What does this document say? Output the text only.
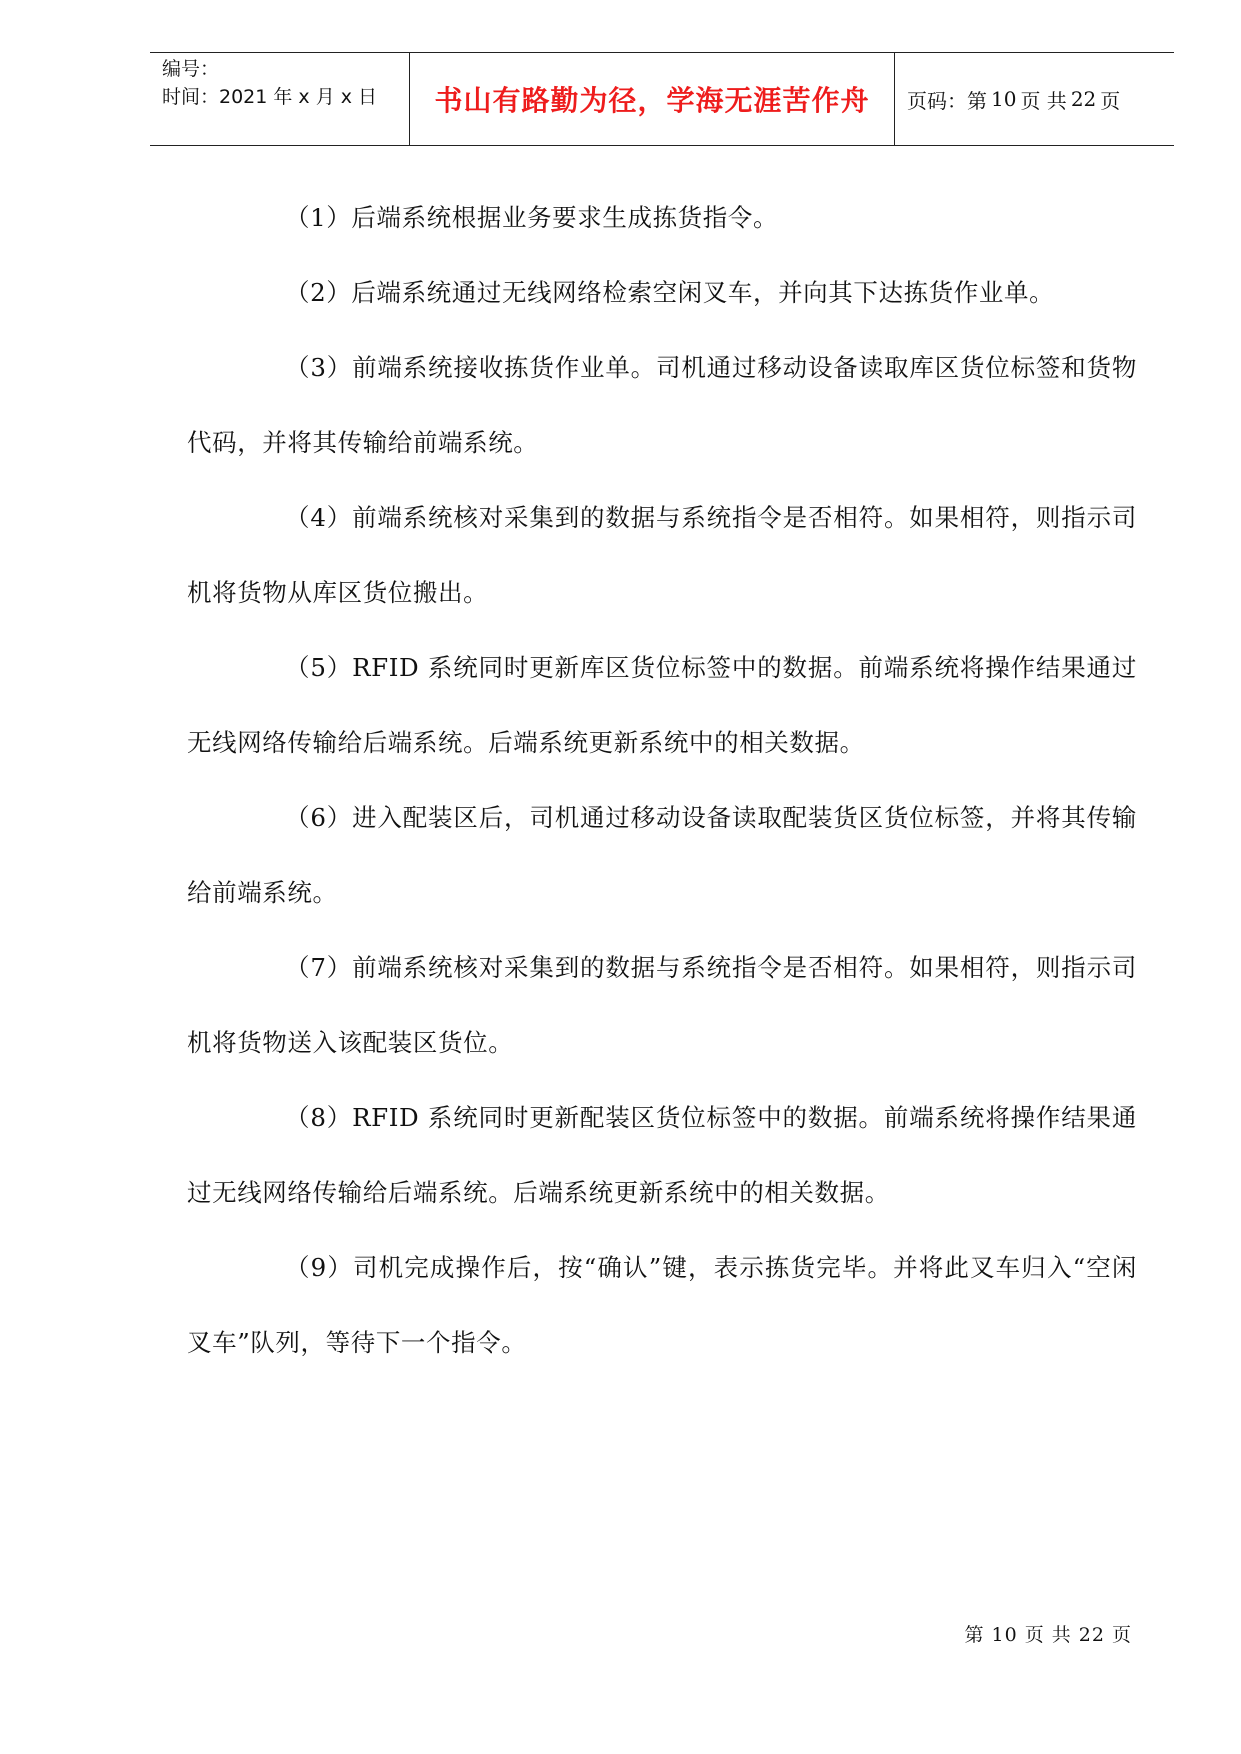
编号：
时间：2021 年 x 月 x 日	书山有路勤为径，学海无涯苦作舟 页码：第 10 页 共 22 页

（1）后端系统根据业务要求生成拣货指令。

（2）后端系统通过无线网络检索空闲叉车，并向其下达拣货作业单。

（3）前端系统接收拣货作业单。司机通过移动设备读取库区货位标签和货物代码，并将其传输给前端系统。

（4）前端系统核对采集到的数据与系统指令是否相符。如果相符，则指示司机将货物从库区货位搬出。

（5）RFID 系统同时更新库区货位标签中的数据。前端系统将操作结果通过无线网络传输给后端系统。后端系统更新系统中的相关数据。

（6）进入配装区后，司机通过移动设备读取配装货区货位标签，并将其传输给前端系统。

（7）前端系统核对采集到的数据与系统指令是否相符。如果相符，则指示司机将货物送入该配装区货位。

（8）RFID 系统同时更新配装区货位标签中的数据。前端系统将操作结果通过无线网络传输给后端系统。后端系统更新系统中的相关数据。

（9）司机完成操作后，按“确认”键，表示拣货完毕。并将此叉车归入“空闲叉车”队列，等待下一个指令。

第 10 页 共 22 页
